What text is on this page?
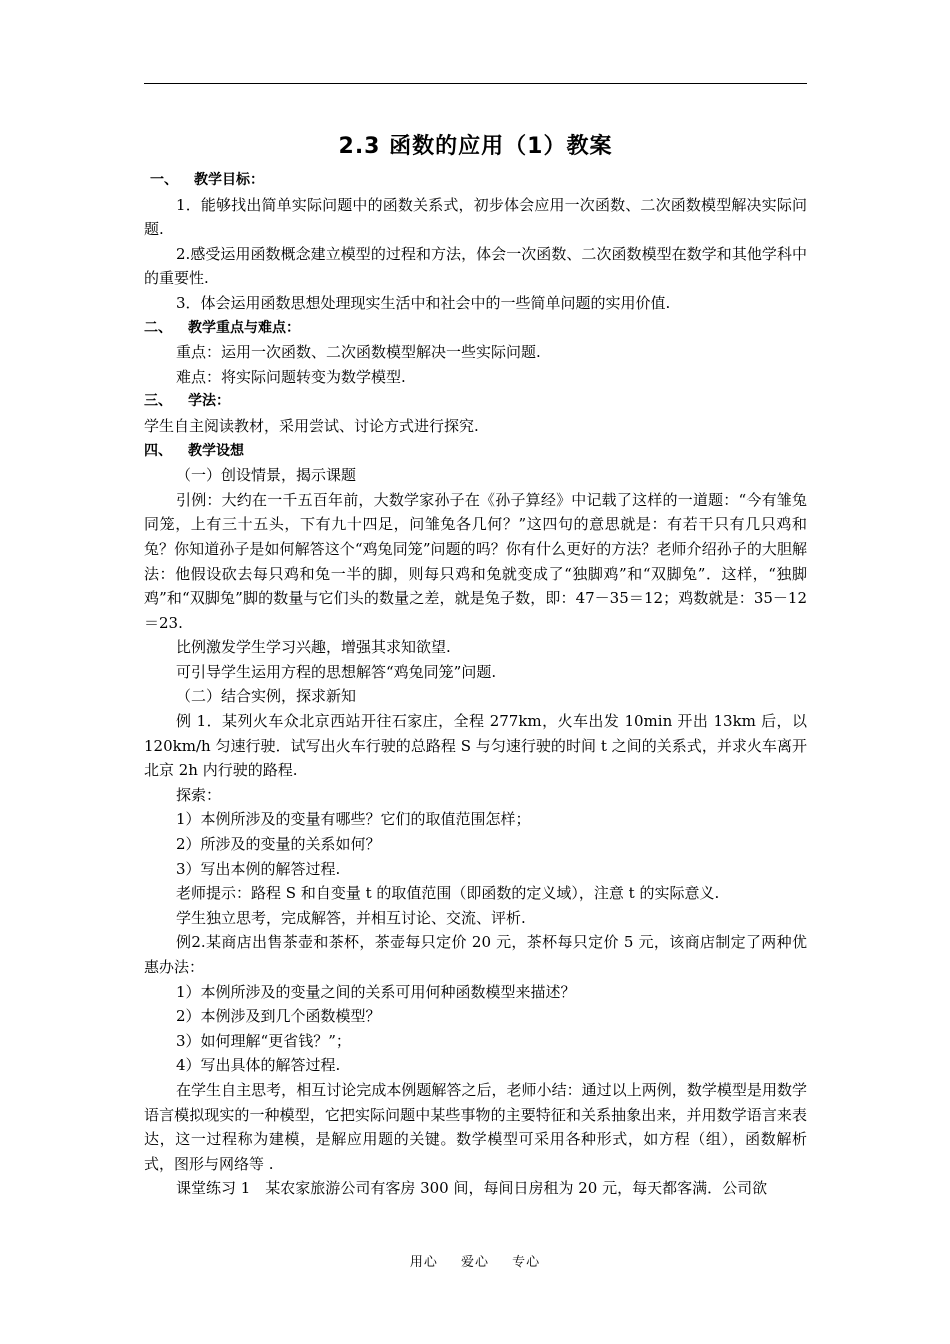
2.3 函数的应用（1）教案
一、 教学目标：

1．能够找出简单实际问题中的函数关系式，初步体会应用一次函数、二次函数模型解决实际问题.

2.感受运用函数概念建立模型的过程和方法，体会一次函数、二次函数模型在数学和其他学科中的重要性.

3．体会运用函数思想处理现实生活中和社会中的一些简单问题的实用价值.

二、 教学重点与难点：

重点：运用一次函数、二次函数模型解决一些实际问题.

难点：将实际问题转变为数学模型.

三、 学法：

学生自主阅读教材，采用尝试、讨论方式进行探究.

四、 教学设想

（一）创设情景，揭示课题

引例：大约在一千五百年前，大数学家孙子在《孙子算经》中记载了这样的一道题：“今有雏兔同笼，上有三十五头，下有九十四足，问雏兔各几何？”这四句的意思就是：有若干只有几只鸡和兔？你知道孙子是如何解答这个“鸡兔同笼”问题的吗？你有什么更好的方法？老师介绍孙子的大胆解法：他假设砍去每只鸡和兔一半的脚，则每只鸡和兔就变成了“独脚鸡”和“双脚兔”．这样，“独脚鸡”和“双脚兔”脚的数量与它们头的数量之差，就是兔子数，即：47－35＝12；鸡数就是：35－12＝23.

比例激发学生学习兴趣，增强其求知欲望.

可引导学生运用方程的思想解答“鸡兔同笼”问题.

（二）结合实例，探求新知

例 1．某列火车众北京西站开往石家庄，全程 277km，火车出发 10min 开出 13km 后，以 120km/h 匀速行驶．试写出火车行驶的总路程 S 与匀速行驶的时间 t 之间的关系式，并求火车离开北京 2h 内行驶的路程.

探索：

1）本例所涉及的变量有哪些？它们的取值范围怎样；

2）所涉及的变量的关系如何？

3）写出本例的解答过程.

老师提示：路程 S 和自变量 t 的取值范围（即函数的定义域），注意 t 的实际意义.

学生独立思考，完成解答，并相互讨论、交流、评析.

例2.某商店出售茶壶和茶杯，茶壶每只定价 20 元，茶杯每只定价 5 元，该商店制定了两种优惠办法：

1）本例所涉及的变量之间的关系可用何种函数模型来描述？

2）本例涉及到几个函数模型？

3）如何理解“更省钱？”；

4）写出具体的解答过程.

在学生自主思考，相互讨论完成本例题解答之后，老师小结：通过以上两例，数学模型是用数学语言模拟现实的一种模型，它把实际问题中某些事物的主要特征和关系抽象出来，并用数学语言来表达，这一过程称为建模，是解应用题的关键。数学模型可采用各种形式，如方程（组），函数解析式，图形与网络等 .

课堂练习 1　某农家旅游公司有客房 300 间，每间日房租为 20 元，每天都客满．公司欲

用心 爱心 专心
